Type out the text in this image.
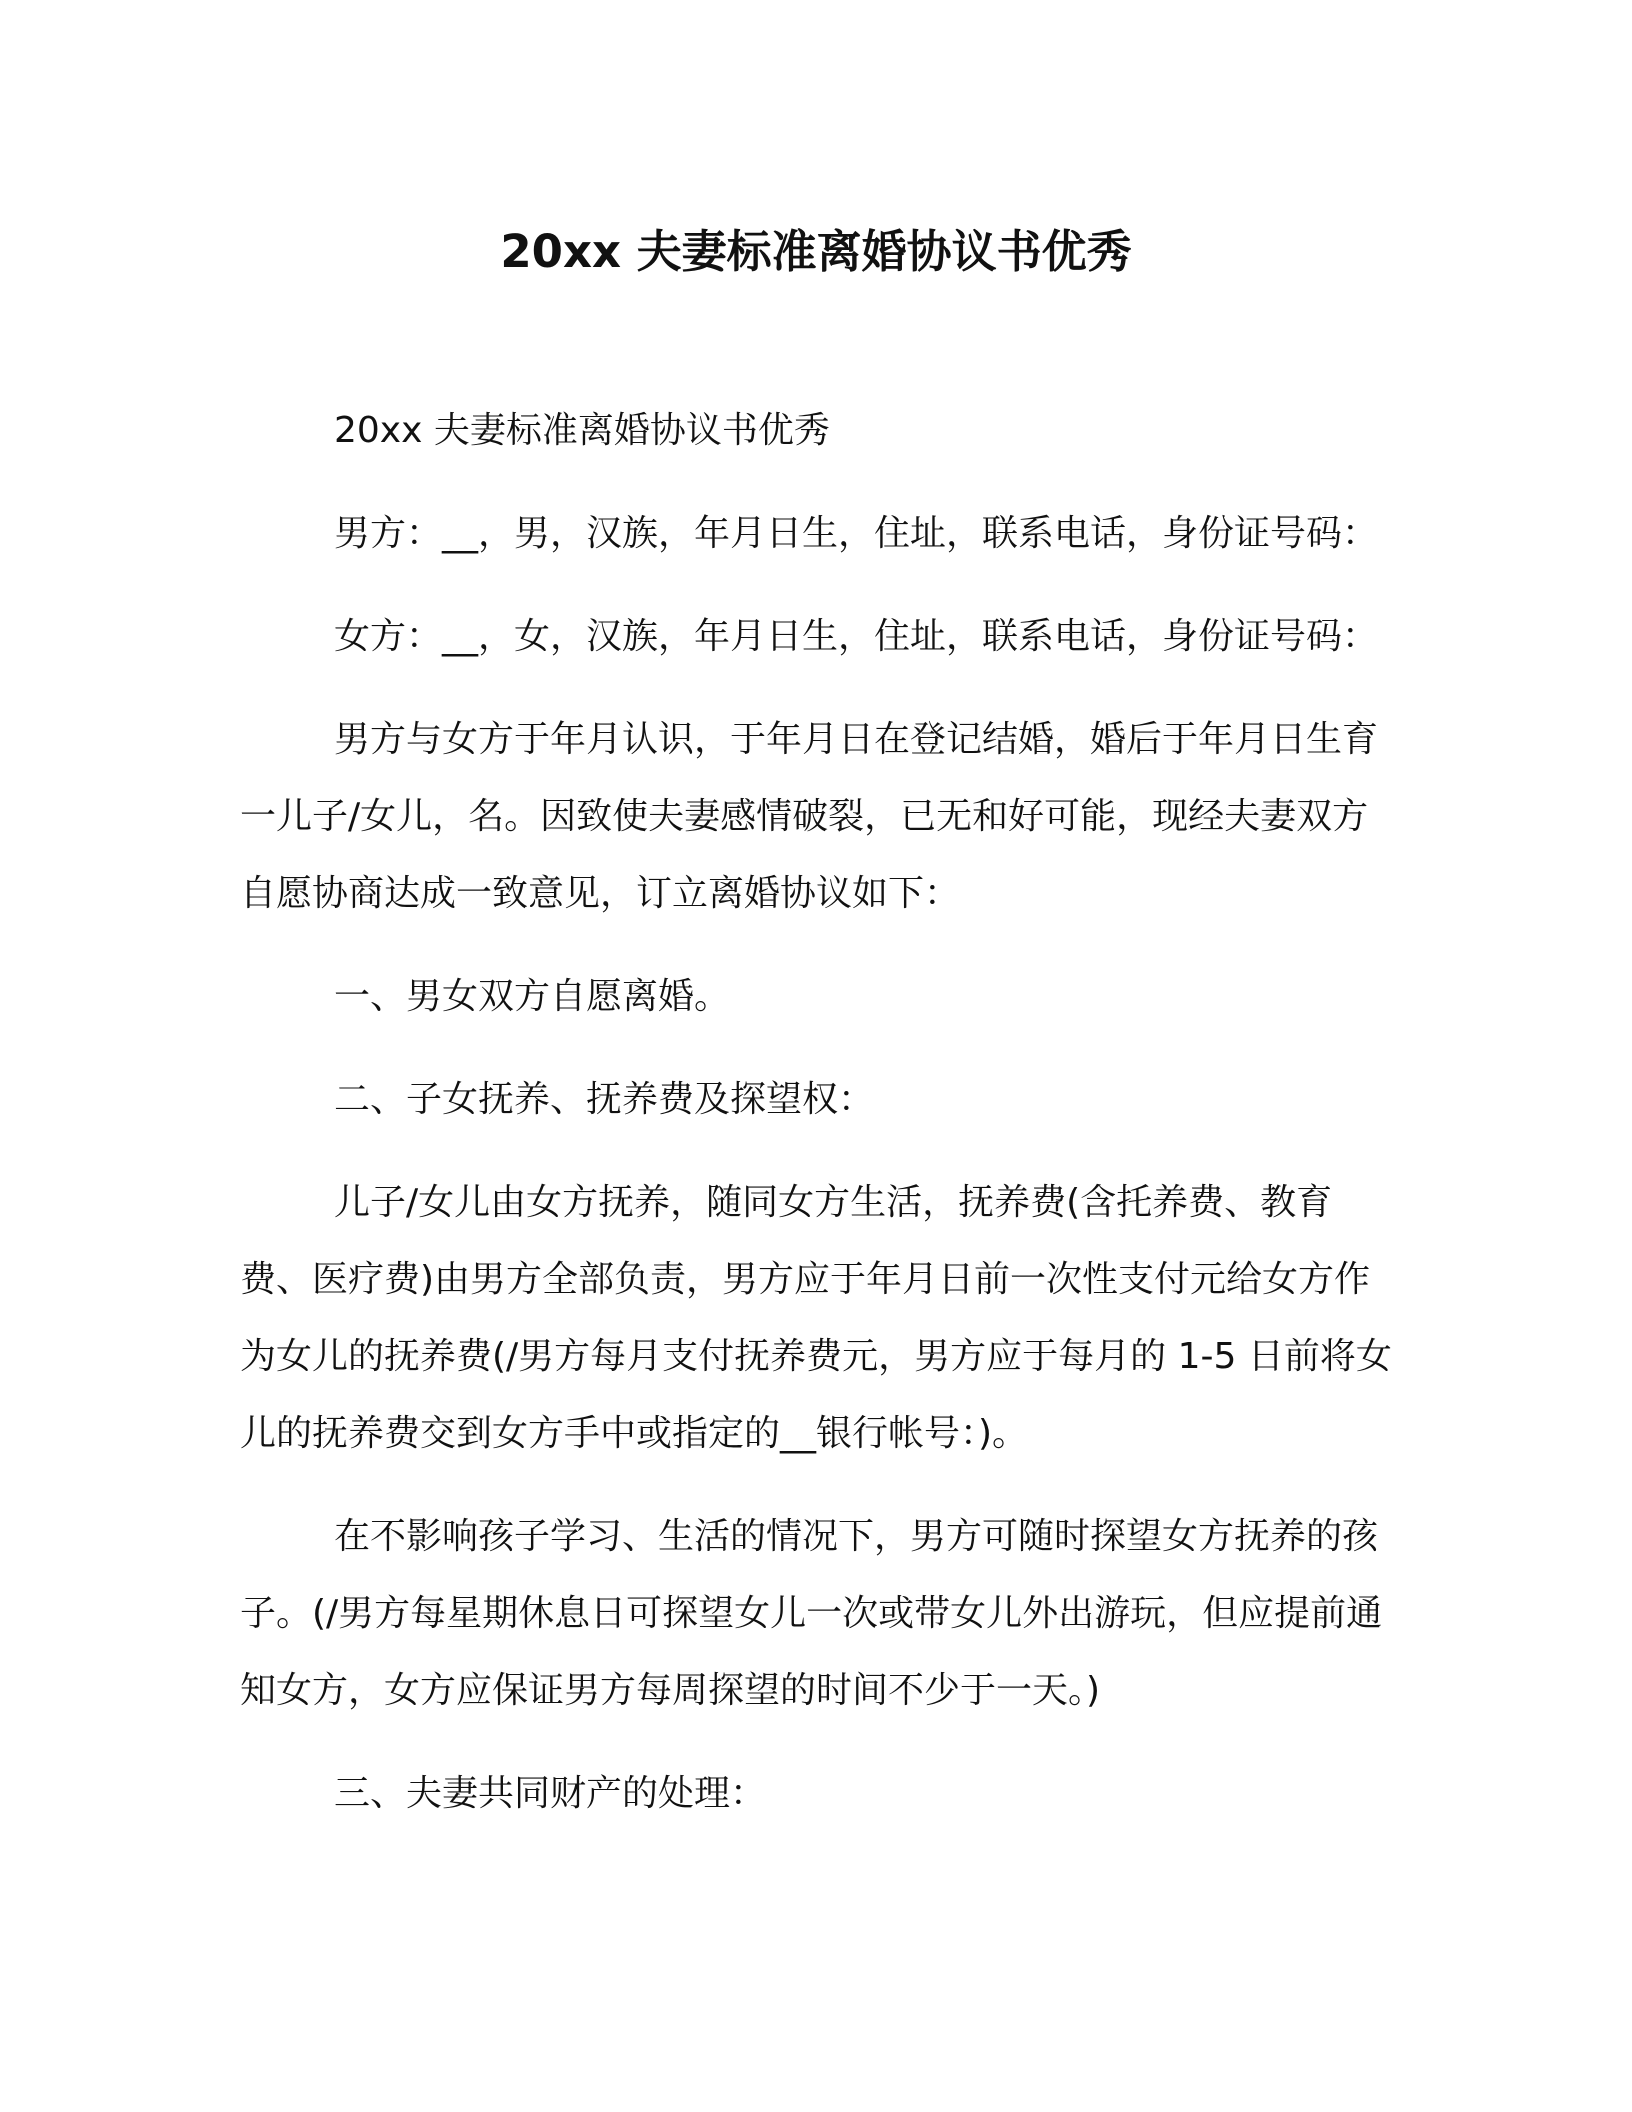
20xx 夫妻标准离婚协议书优秀

20xx 夫妻标准离婚协议书优秀

男方：__，男，汉族，年月日生，住址，联系电话，身份证号码：

女方：__，女，汉族，年月日生，住址，联系电话，身份证号码：

男方与女方于年月认识，于年月日在登记结婚，婚后于年月日生育一儿子/女儿，名。因致使夫妻感情破裂，已无和好可能，现经夫妻双方自愿协商达成一致意见，订立离婚协议如下：

一、男女双方自愿离婚。

二、子女抚养、抚养费及探望权：

儿子/女儿由女方抚养，随同女方生活，抚养费(含托养费、教育费、医疗费)由男方全部负责，男方应于年月日前一次性支付元给女方作为女儿的抚养费(/男方每月支付抚养费元，男方应于每月的 1-5 日前将女儿的抚养费交到女方手中或指定的__银行帐号：)。

在不影响孩子学习、生活的情况下，男方可随时探望女方抚养的孩子。(/男方每星期休息日可探望女儿一次或带女儿外出游玩，但应提前通知女方，女方应保证男方每周探望的时间不少于一天。)

三、夫妻共同财产的处理：
